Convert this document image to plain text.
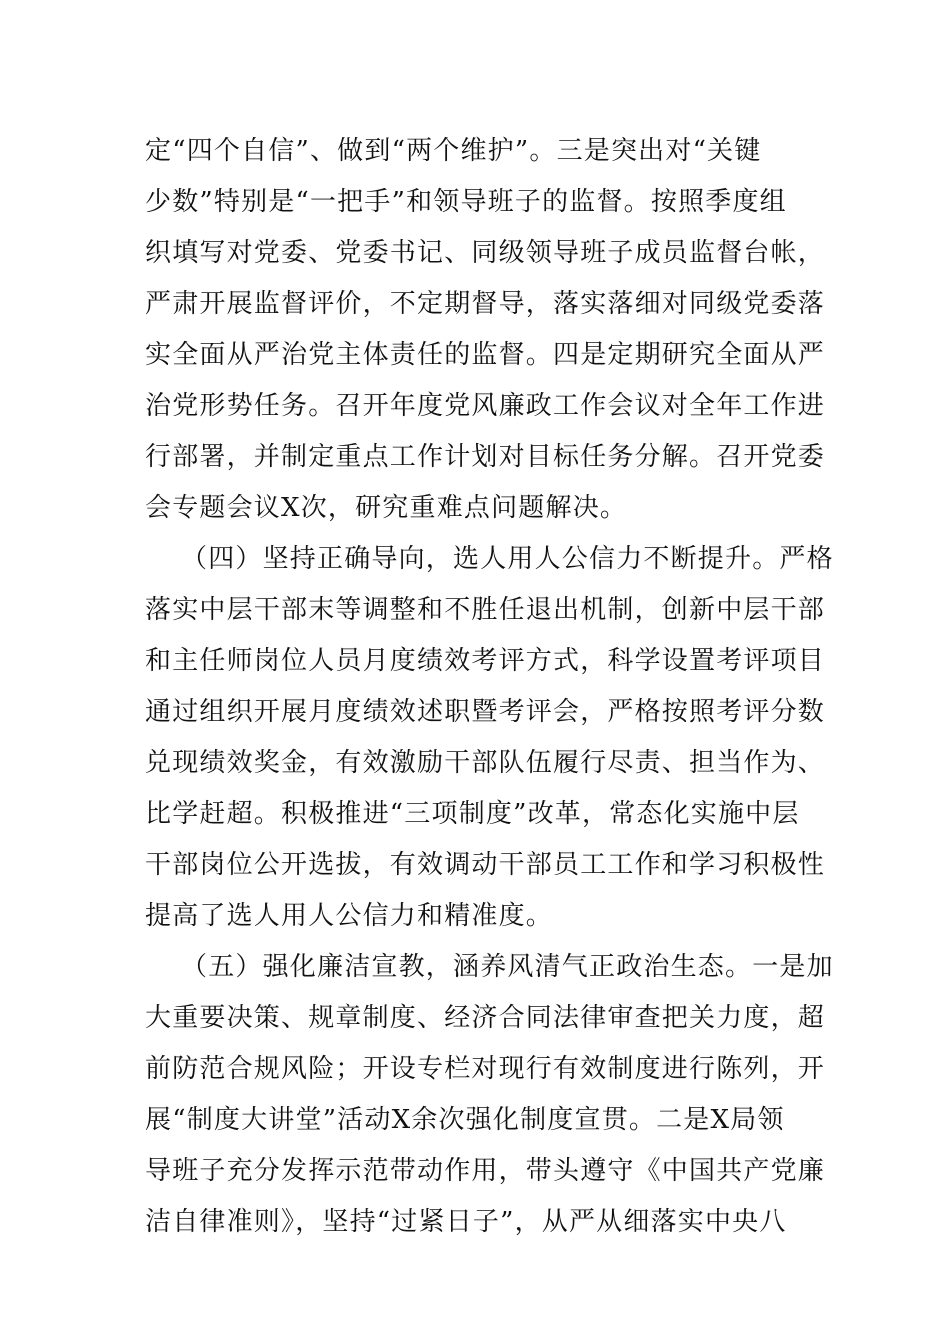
定“四个自信”、做到“两个维护”。三是突出对“关键
少数”特别是“一把手”和领导班子的监督。按照季度组
织填写对党委、党委书记、同级领导班子成员监督台帐，
严肃开展监督评价，不定期督导，落实落细对同级党委落
实全面从严治党主体责任的监督。四是定期研究全面从严
治党形势任务。召开年度党风廉政工作会议对全年工作进
行部署，并制定重点工作计划对目标任务分解。召开党委
会专题会议X次，研究重难点问题解决。
（四）坚持正确导向，选人用人公信力不断提升。严格
落实中层干部末等调整和不胜任退出机制，创新中层干部
和主任师岗位人员月度绩效考评方式，科学设置考评项目
通过组织开展月度绩效述职暨考评会，严格按照考评分数
兑现绩效奖金，有效激励干部队伍履行尽责、担当作为、
比学赶超。积极推进“三项制度”改革，常态化实施中层
干部岗位公开选拔，有效调动干部员工工作和学习积极性
提高了选人用人公信力和精准度。
（五）强化廉洁宣教，涵养风清气正政治生态。一是加
大重要决策、规章制度、经济合同法律审查把关力度，超
前防范合规风险；开设专栏对现行有效制度进行陈列，开
展“制度大讲堂”活动X余次强化制度宣贯。二是X局领
导班子充分发挥示范带动作用，带头遵守《中国共产党廉
洁自律准则》，坚持“过紧日子”，从严从细落实中央八
